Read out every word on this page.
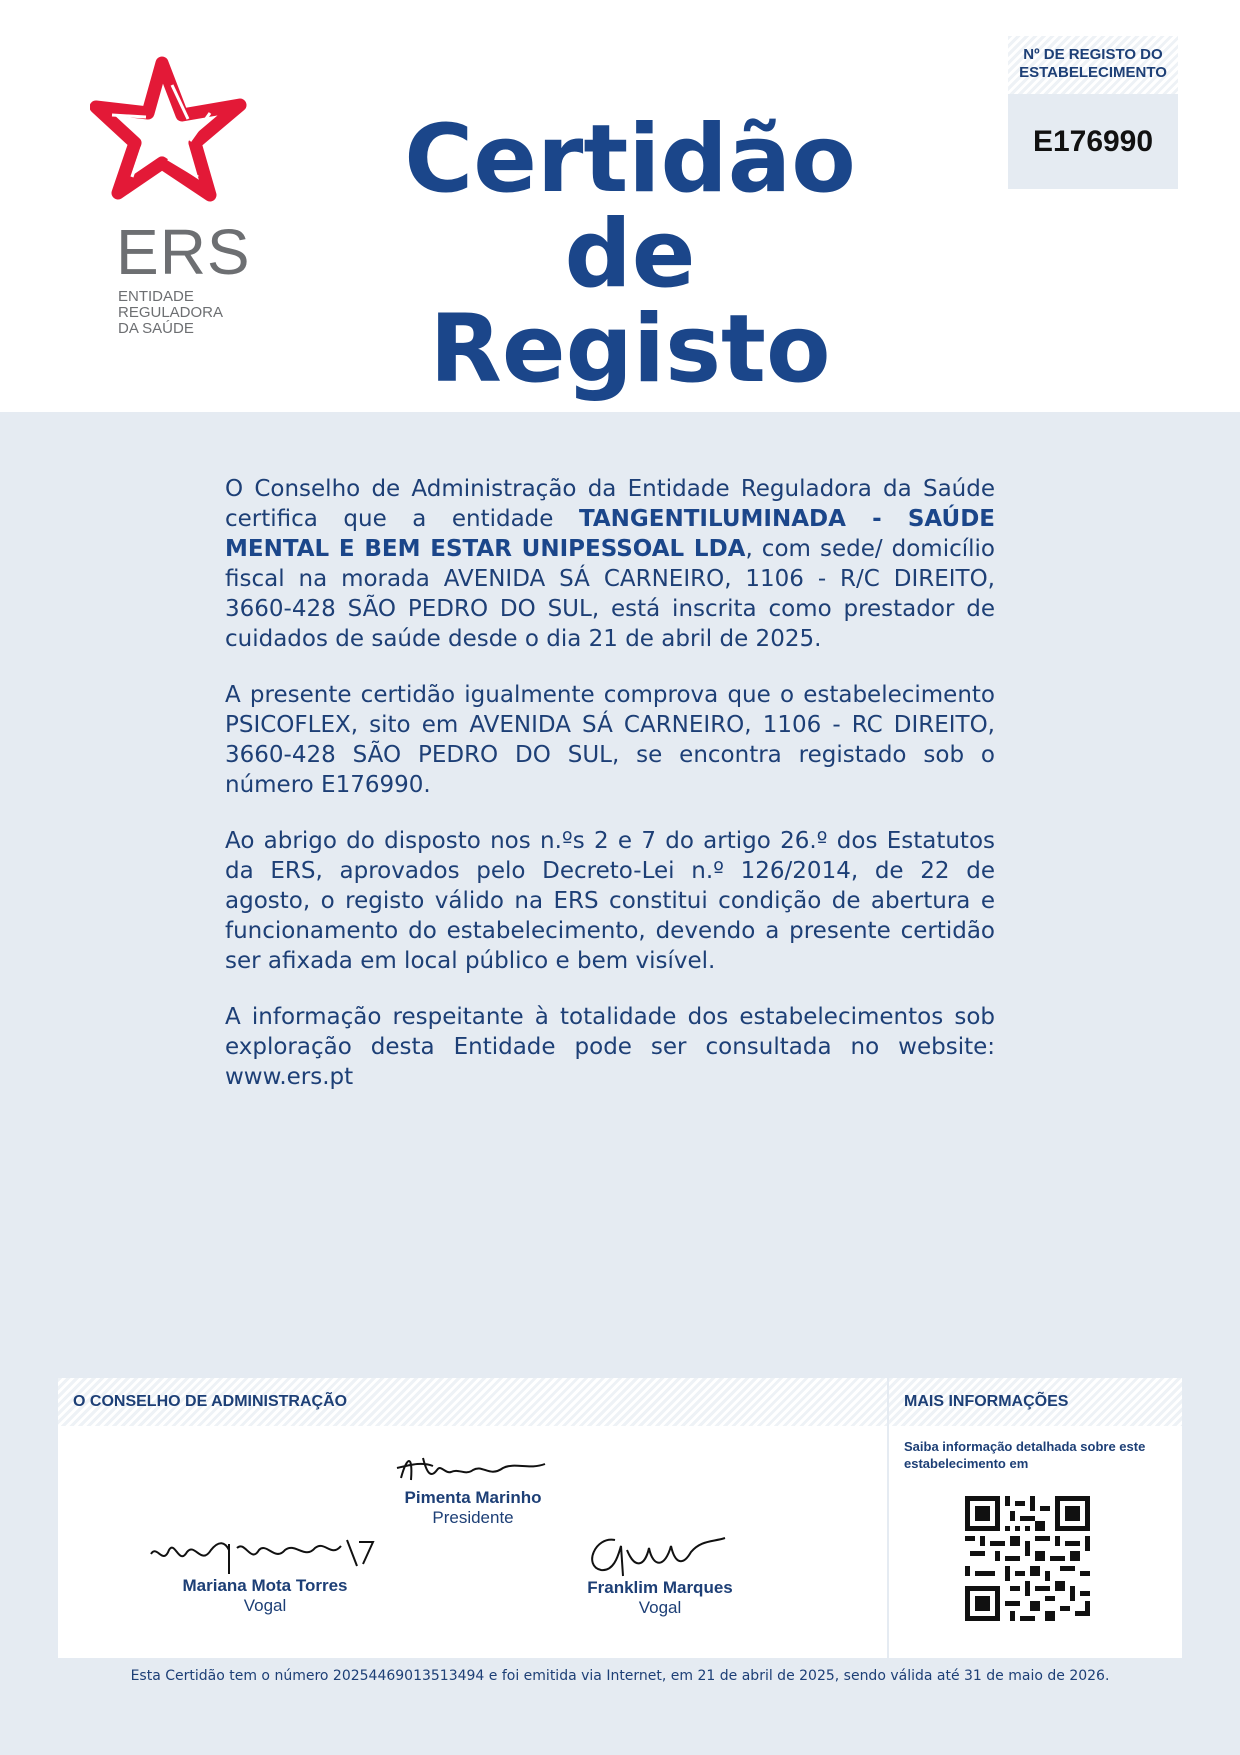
ERS
ENTIDADE
REGULADORA
DA SAÚDE
Certidão
de Registo
Nº DE REGISTO DO
ESTABELECIMENTO
E176990

O Conselho de Administração da Entidade Reguladora da Saúde certifica que a entidade TANGENTILUMINADA - SAÚDE MENTAL E BEM ESTAR UNIPESSOAL LDA, com sede/ domicílio fiscal na morada AVENIDA SÁ CARNEIRO, 1106 - R/C DIREITO, 3660-428 SÃO PEDRO DO SUL, está inscrita como prestador de cuidados de saúde desde o dia 21 de abril de 2025.

A presente certidão igualmente comprova que o estabelecimento PSICOFLEX, sito em AVENIDA SÁ CARNEIRO, 1106 - RC DIREITO, 3660-428 SÃO PEDRO DO SUL, se encontra registado sob o número E176990.

Ao abrigo do disposto nos n.ºs 2 e 7 do artigo 26.º dos Estatutos da ERS, aprovados pelo Decreto-Lei n.º 126/2014, de 22 de agosto, o registo válido na ERS constitui condição de abertura e funcionamento do estabelecimento, devendo a presente certidão ser afixada em local público e bem visível.

A informação respeitante à totalidade dos estabelecimentos sob exploração desta Entidade pode ser consultada no website: www.ers.pt

O CONSELHO DE ADMINISTRAÇÃO	MAIS INFORMAÇÕES
Pimenta Marinho
Presidente
Mariana Mota Torres
Vogal
Franklim Marques
Vogal
Saiba informação detalhada sobre este estabelecimento em
Esta Certidão tem o número 20254469013513494 e foi emitida via Internet, em 21 de abril de 2025, sendo válida até 31 de maio de 2026.
